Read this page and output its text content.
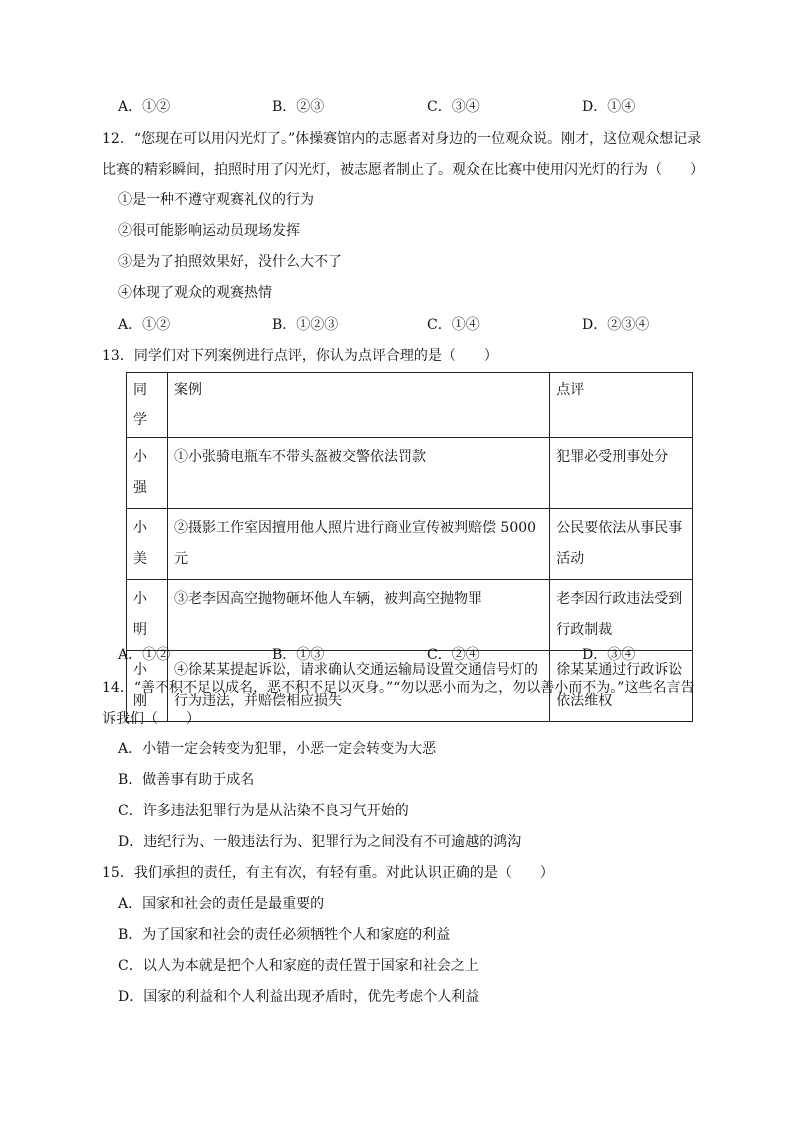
A．①②	B．②③	C．③④	D．①④
12．“您现在可以用闪光灯了。”体操赛馆内的志愿者对身边的一位观众说。刚才，这位观众想记录比赛的精彩瞬间，拍照时用了闪光灯，被志愿者制止了。观众在比赛中使用闪光灯的行为（　　）
①是一种不遵守观赛礼仪的行为
②很可能影响运动员现场发挥
③是为了拍照效果好，没什么大不了
④体现了观众的观赛热情
A．①②	B．①②③	C．①④	D．②③④
13．同学们对下列案例进行点评，你认为点评合理的是（　　）
同学	案例	点评
小强	①小张骑电瓶车不带头盔被交警依法罚款	犯罪必受刑事处分
小美	②摄影工作室因擅用他人照片进行商业宣传被判赔偿 5000元	公民要依法从事民事活动
小明	③老李因高空抛物砸坏他人车辆，被判高空抛物罪	老李因行政违法受到行政制裁
小刚	④徐某某提起诉讼，请求确认交通运输局设置交通信号灯的行为违法，并赔偿相应损失	徐某某通过行政诉讼依法维权
A．①②	B．①③	C．②④	D．③④
14．“善不积不足以成名，恶不积不足以灭身。”“勿以恶小而为之，勿以善小而不为。”这些名言告诉我们（　　）
A．小错一定会转变为犯罪，小恶一定会转变为大恶
B．做善事有助于成名
C．许多违法犯罪行为是从沾染不良习气开始的
D．违纪行为、一般违法行为、犯罪行为之间没有不可逾越的鸿沟
15．我们承担的责任，有主有次，有轻有重。对此认识正确的是（　　）
A．国家和社会的责任是最重要的
B．为了国家和社会的责任必须牺牲个人和家庭的利益
C．以人为本就是把个人和家庭的责任置于国家和社会之上
D．国家的利益和个人利益出现矛盾时，优先考虑个人利益
